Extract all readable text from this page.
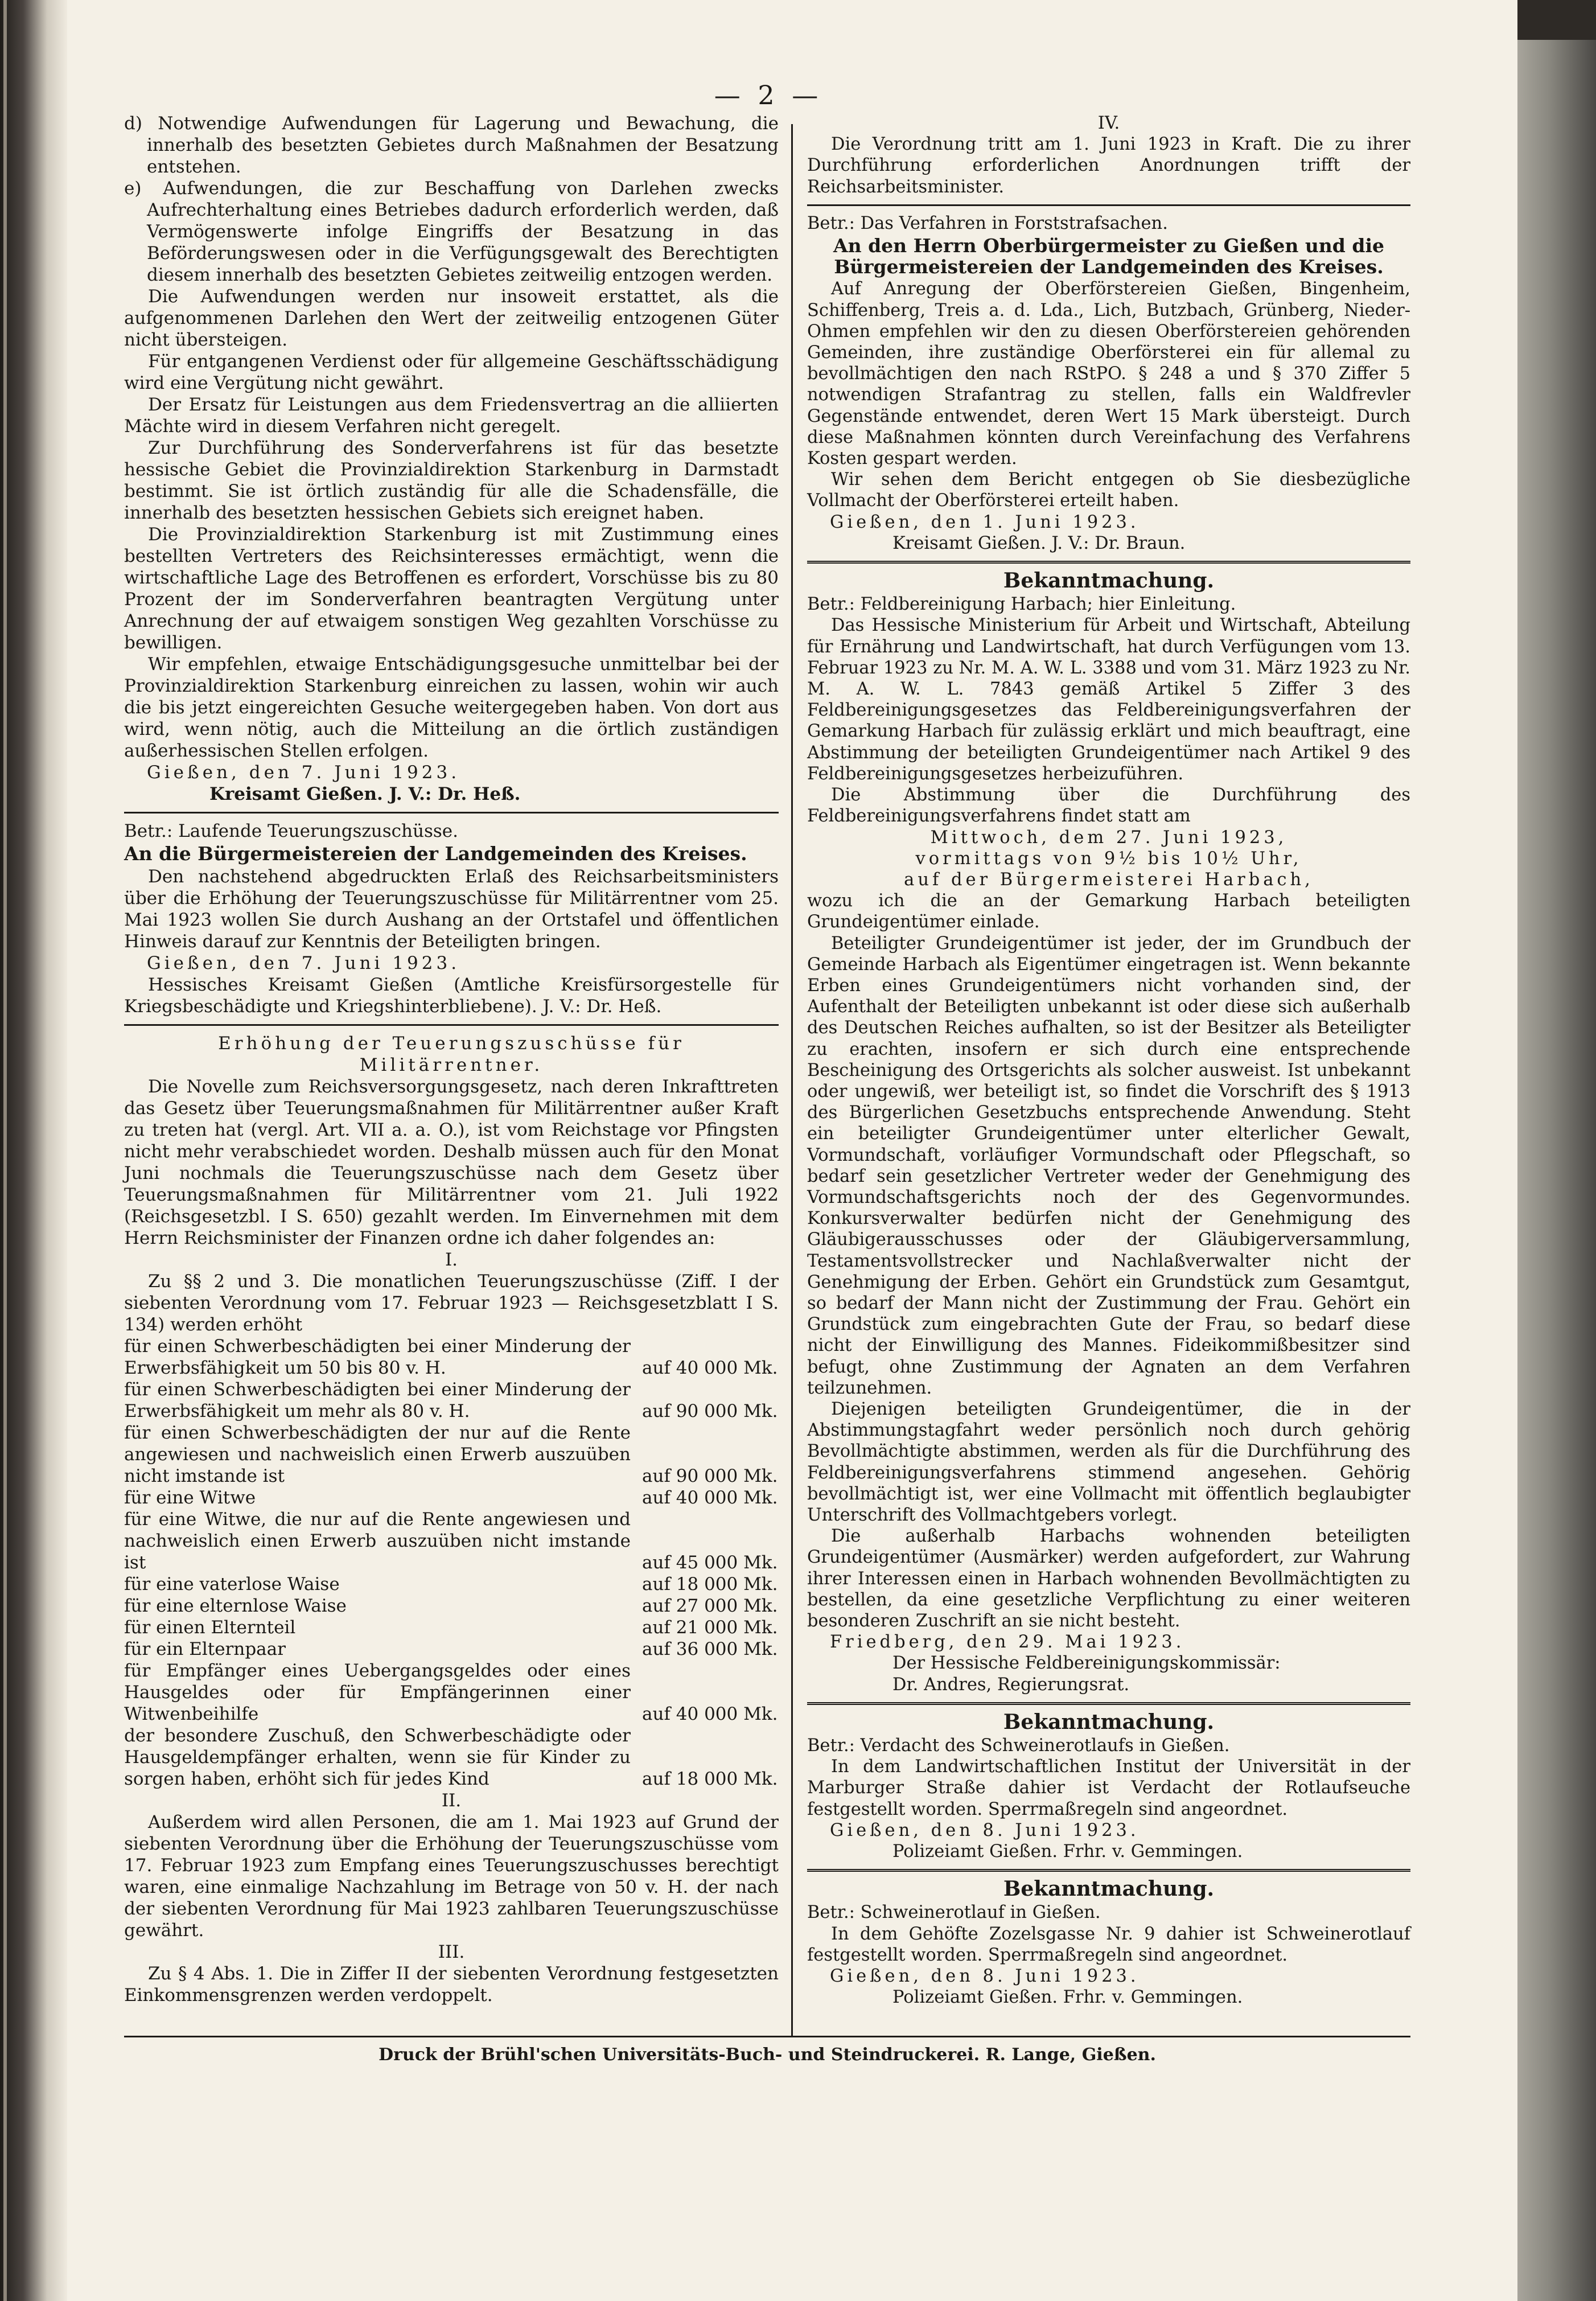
— 2 —

d) Notwendige Aufwendungen für Lagerung und Bewachung, die innerhalb des besetzten Gebietes durch Maßnahmen der Besatzung entstehen.

e) Aufwendungen, die zur Beschaffung von Darlehen zwecks Aufrechterhaltung eines Betriebes dadurch erforderlich werden, daß Vermögenswerte infolge Eingriffs der Besatzung in das Beförderungswesen oder in die Verfügungsgewalt des Berechtigten diesem innerhalb des besetzten Gebietes zeitweilig entzogen werden.

Die Aufwendungen werden nur insoweit erstattet, als die aufgenommenen Darlehen den Wert der zeitweilig entzogenen Güter nicht übersteigen.

Für entgangenen Verdienst oder für allgemeine Geschäftsschädigung wird eine Vergütung nicht gewährt.

Der Ersatz für Leistungen aus dem Friedensvertrag an die alliierten Mächte wird in diesem Verfahren nicht geregelt.

Zur Durchführung des Sonderverfahrens ist für das besetzte hessische Gebiet die Provinzialdirektion Starkenburg in Darmstadt bestimmt. Sie ist örtlich zuständig für alle die Schadensfälle, die innerhalb des besetzten hessischen Gebiets sich ereignet haben.

Die Provinzialdirektion Starkenburg ist mit Zustimmung eines bestellten Vertreters des Reichsinteresses ermächtigt, wenn die wirtschaftliche Lage des Betroffenen es erfordert, Vorschüsse bis zu 80 Prozent der im Sonderverfahren beantragten Vergütung unter Anrechnung der auf etwaigem sonstigen Weg gezahlten Vorschüsse zu bewilligen.

Wir empfehlen, etwaige Entschädigungsgesuche unmittelbar bei der Provinzialdirektion Starkenburg einreichen zu lassen, wohin wir auch die bis jetzt eingereichten Gesuche weitergegeben haben. Von dort aus wird, wenn nötig, auch die Mitteilung an die örtlich zuständigen außerhessischen Stellen erfolgen.

Gießen, den 7. Juni 1923.

Kreisamt Gießen. J. V.: Dr. Heß.

Betr.: Laufende Teuerungszuschüsse.

An die Bürgermeistereien der Landgemeinden des Kreises.

Den nachstehend abgedruckten Erlaß des Reichsarbeitsministers über die Erhöhung der Teuerungszuschüsse für Militärrentner vom 25. Mai 1923 wollen Sie durch Aushang an der Ortstafel und öffentlichen Hinweis darauf zur Kenntnis der Beteiligten bringen.

Gießen, den 7. Juni 1923.

Hessisches Kreisamt Gießen (Amtliche Kreisfürsorgestelle für Kriegsbeschädigte und Kriegshinterbliebene). J. V.: Dr. Heß.

Erhöhung der Teuerungszuschüsse für Militärrentner.

Die Novelle zum Reichsversorgungsgesetz, nach deren Inkrafttreten das Gesetz über Teuerungsmaßnahmen für Militärrentner außer Kraft zu treten hat (vergl. Art. VII a. a. O.), ist vom Reichstage vor Pfingsten nicht mehr verabschiedet worden. Deshalb müssen auch für den Monat Juni nochmals die Teuerungszuschüsse nach dem Gesetz über Teuerungsmaßnahmen für Militärrentner vom 21. Juli 1922 (Reichsgesetzbl. I S. 650) gezahlt werden. Im Einvernehmen mit dem Herrn Reichsminister der Finanzen ordne ich daher folgendes an:

I.

Zu §§ 2 und 3. Die monatlichen Teuerungszuschüsse (Ziff. I der siebenten Verordnung vom 17. Februar 1923 — Reichsgesetzblatt I S. 134) werden erhöht

für einen Schwerbeschädigten bei einer Minderung der Erwerbsfähigkeit um 50 bis 80 v. H.	auf 40 000 Mk.
für einen Schwerbeschädigten bei einer Minderung der Erwerbsfähigkeit um mehr als 80 v. H.	auf 90 000 Mk.
für einen Schwerbeschädigten der nur auf die Rente angewiesen und nachweislich einen Erwerb auszuüben nicht imstande ist	auf 90 000 Mk.
für eine Witwe	auf 40 000 Mk.
für eine Witwe, die nur auf die Rente angewiesen und nachweislich einen Erwerb auszuüben nicht imstande ist	auf 45 000 Mk.
für eine vaterlose Waise	auf 18 000 Mk.
für eine elternlose Waise	auf 27 000 Mk.
für einen Elternteil	auf 21 000 Mk.
für ein Elternpaar	auf 36 000 Mk.
für Empfänger eines Uebergangsgeldes oder eines Hausgeldes oder für Empfängerinnen einer Witwenbeihilfe	auf 40 000 Mk.
der besondere Zuschuß, den Schwerbeschädigte oder Hausgeldempfänger erhalten, wenn sie für Kinder zu sorgen haben, erhöht sich für jedes Kind	auf 18 000 Mk.

II.

Außerdem wird allen Personen, die am 1. Mai 1923 auf Grund der siebenten Verordnung über die Erhöhung der Teuerungszuschüsse vom 17. Februar 1923 zum Empfang eines Teuerungszuschusses berechtigt waren, eine einmalige Nachzahlung im Betrage von 50 v. H. der nach der siebenten Verordnung für Mai 1923 zahlbaren Teuerungszuschüsse gewährt.

III.

Zu § 4 Abs. 1. Die in Ziffer II der siebenten Verordnung festgesetzten Einkommensgrenzen werden verdoppelt.

IV.

Die Verordnung tritt am 1. Juni 1923 in Kraft. Die zu ihrer Durchführung erforderlichen Anordnungen trifft der Reichsarbeitsminister.

Betr.: Das Verfahren in Forststrafsachen.

An den Herrn Oberbürgermeister zu Gießen und die Bürgermeistereien der Landgemeinden des Kreises.

Auf Anregung der Oberförstereien Gießen, Bingenheim, Schiffenberg, Treis a. d. Lda., Lich, Butzbach, Grünberg, Nieder-Ohmen empfehlen wir den zu diesen Oberförstereien gehörenden Gemeinden, ihre zuständige Oberförsterei ein für allemal zu bevollmächtigen den nach RStPO. § 248 a und § 370 Ziffer 5 notwendigen Strafantrag zu stellen, falls ein Waldfrevler Gegenstände entwendet, deren Wert 15 Mark übersteigt. Durch diese Maßnahmen könnten durch Vereinfachung des Verfahrens Kosten gespart werden.

Wir sehen dem Bericht entgegen ob Sie diesbezügliche Vollmacht der Oberförsterei erteilt haben.

Gießen, den 1. Juni 1923.

Kreisamt Gießen. J. V.: Dr. Braun.

Bekanntmachung.

Betr.: Feldbereinigung Harbach; hier Einleitung.

Das Hessische Ministerium für Arbeit und Wirtschaft, Abteilung für Ernährung und Landwirtschaft, hat durch Verfügungen vom 13. Februar 1923 zu Nr. M. A. W. L. 3388 und vom 31. März 1923 zu Nr. M. A. W. L. 7843 gemäß Artikel 5 Ziffer 3 des Feldbereinigungsgesetzes das Feldbereinigungsverfahren der Gemarkung Harbach für zulässig erklärt und mich beauftragt, eine Abstimmung der beteiligten Grundeigentümer nach Artikel 9 des Feldbereinigungsgesetzes herbeizuführen.

Die Abstimmung über die Durchführung des Feldbereinigungsverfahrens findet statt am

Mittwoch, dem 27. Juni 1923,

vormittags von 9½ bis 10½ Uhr,

auf der Bürgermeisterei Harbach,

wozu ich die an der Gemarkung Harbach beteiligten Grundeigentümer einlade.

Beteiligter Grundeigentümer ist jeder, der im Grundbuch der Gemeinde Harbach als Eigentümer eingetragen ist. Wenn bekannte Erben eines Grundeigentümers nicht vorhanden sind, der Aufenthalt der Beteiligten unbekannt ist oder diese sich außerhalb des Deutschen Reiches aufhalten, so ist der Besitzer als Beteiligter zu erachten, insofern er sich durch eine entsprechende Bescheinigung des Ortsgerichts als solcher ausweist. Ist unbekannt oder ungewiß, wer beteiligt ist, so findet die Vorschrift des § 1913 des Bürgerlichen Gesetzbuchs entsprechende Anwendung. Steht ein beteiligter Grundeigentümer unter elterlicher Gewalt, Vormundschaft, vorläufiger Vormundschaft oder Pflegschaft, so bedarf sein gesetzlicher Vertreter weder der Genehmigung des Vormundschaftsgerichts noch der des Gegenvormundes. Konkursverwalter bedürfen nicht der Genehmigung des Gläubigerausschusses oder der Gläubigerversammlung, Testamentsvollstrecker und Nachlaßverwalter nicht der Genehmigung der Erben. Gehört ein Grundstück zum Gesamtgut, so bedarf der Mann nicht der Zustimmung der Frau. Gehört ein Grundstück zum eingebrachten Gute der Frau, so bedarf diese nicht der Einwilligung des Mannes. Fideikommißbesitzer sind befugt, ohne Zustimmung der Agnaten an dem Verfahren teilzunehmen.

Diejenigen beteiligten Grundeigentümer, die in der Abstimmungstagfahrt weder persönlich noch durch gehörig Bevollmächtigte abstimmen, werden als für die Durchführung des Feldbereinigungsverfahrens stimmend angesehen. Gehörig bevollmächtigt ist, wer eine Vollmacht mit öffentlich beglaubigter Unterschrift des Vollmachtgebers vorlegt.

Die außerhalb Harbachs wohnenden beteiligten Grundeigentümer (Ausmärker) werden aufgefordert, zur Wahrung ihrer Interessen einen in Harbach wohnenden Bevollmächtigten zu bestellen, da eine gesetzliche Verpflichtung zu einer weiteren besonderen Zuschrift an sie nicht besteht.

Friedberg, den 29. Mai 1923.

Der Hessische Feldbereinigungskommissär:

Dr. Andres, Regierungsrat.

Bekanntmachung.

Betr.: Verdacht des Schweinerotlaufs in Gießen.

In dem Landwirtschaftlichen Institut der Universität in der Marburger Straße dahier ist Verdacht der Rotlaufseuche festgestellt worden. Sperrmaßregeln sind angeordnet.

Gießen, den 8. Juni 1923.

Polizeiamt Gießen. Frhr. v. Gemmingen.

Bekanntmachung.

Betr.: Schweinerotlauf in Gießen.

In dem Gehöfte Zozelsgasse Nr. 9 dahier ist Schweinerotlauf festgestellt worden. Sperrmaßregeln sind angeordnet.

Gießen, den 8. Juni 1923.

Polizeiamt Gießen. Frhr. v. Gemmingen.

Druck der Brühl'schen Universitäts-Buch- und Steindruckerei. R. Lange, Gießen.
